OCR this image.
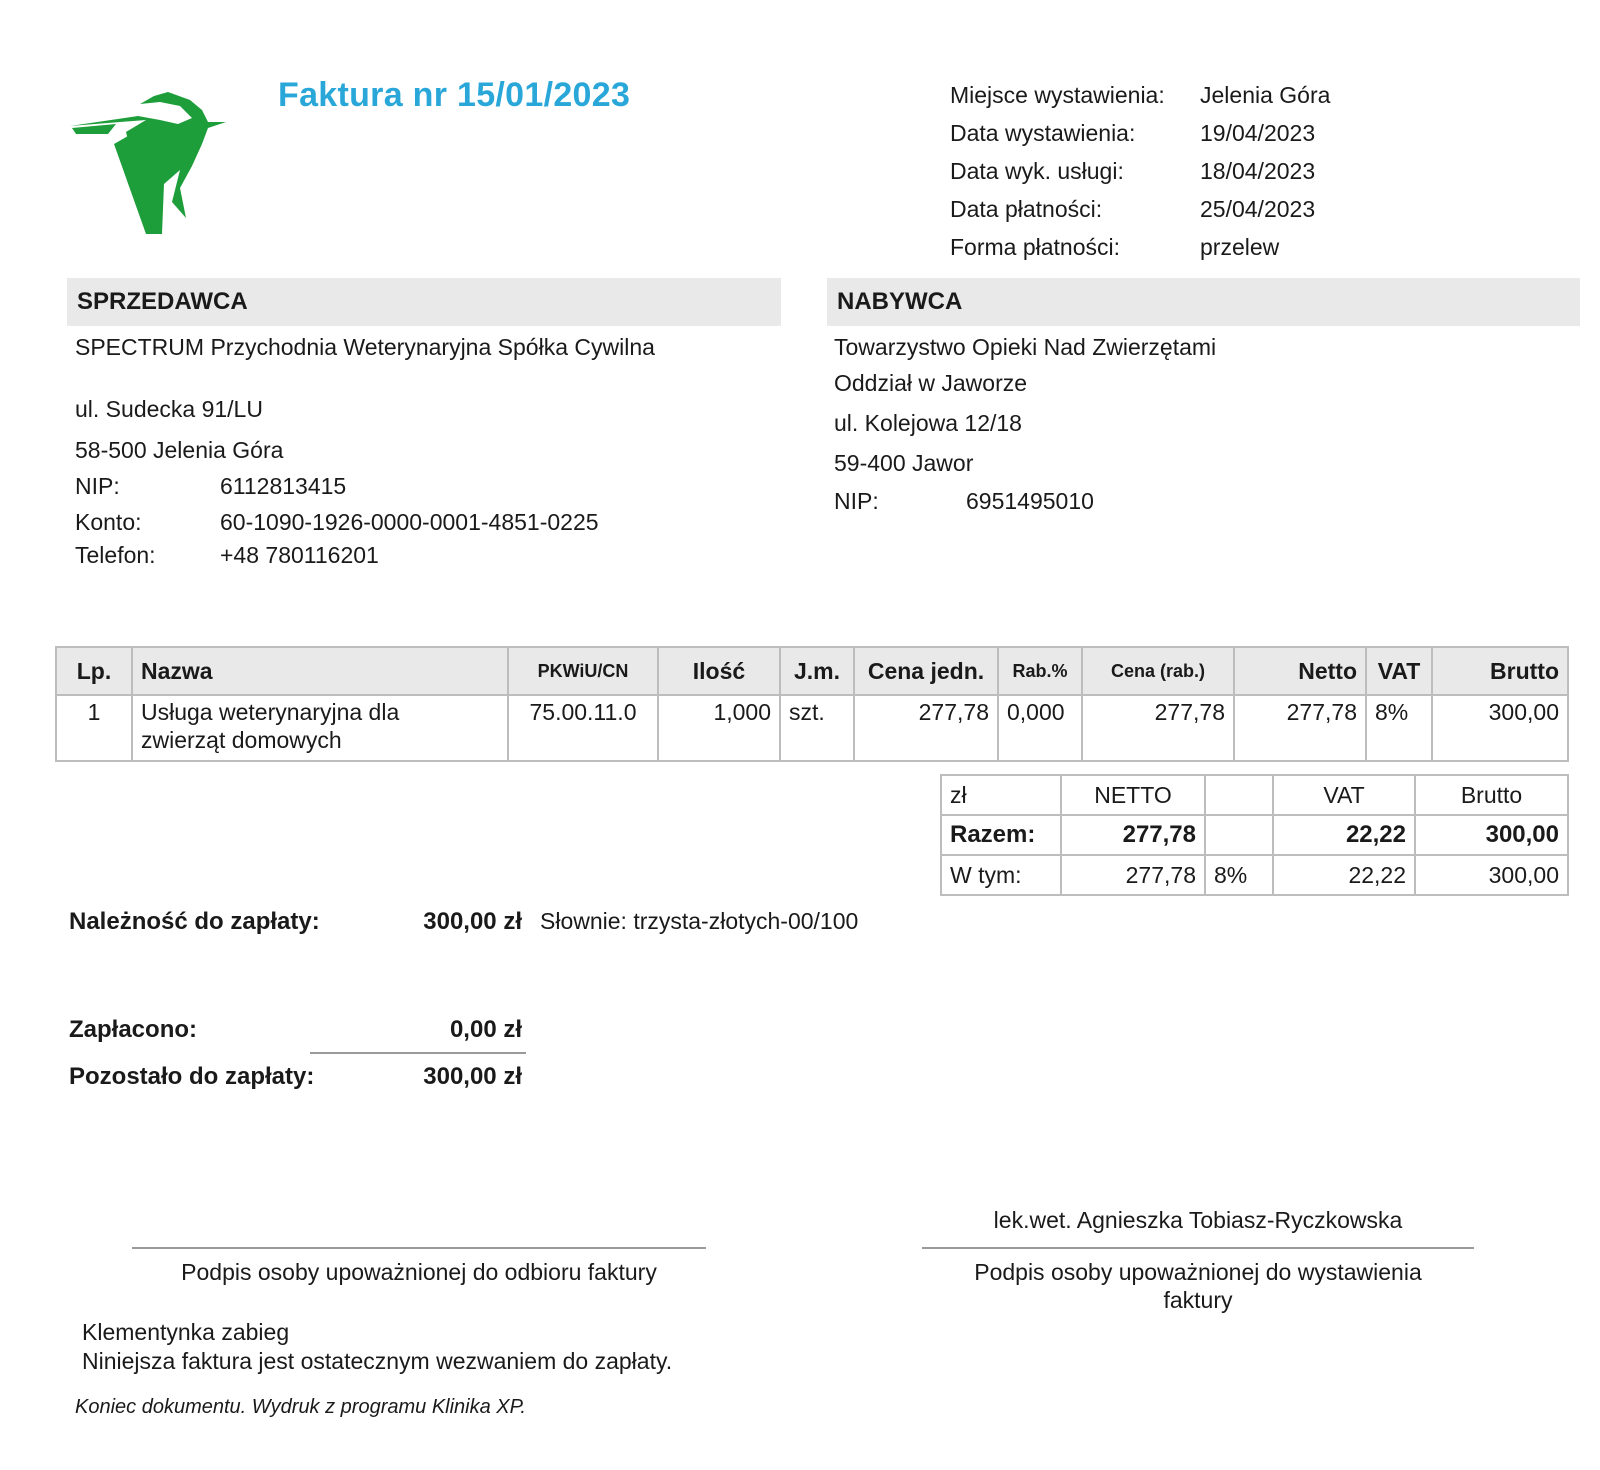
Faktura nr 15/01/2023	Miejsce wystawienia: Jelenia Góra
Data wystawienia:	19/04/2023
Data wyk. usługi:	18/04/2023
Data płatności:	25/04/2023
Forma płatności:	przelew
SPRZEDAWCA
SPECTRUM Przychodnia Weterynaryjna Spółka Cywilna
ul. Sudecka 91/LU
58-500 Jelenia Góra
NIP:	6112813415
Konto:	60-1090-1926-0000-0001-4851-0225
Telefon:	+48 780116201
NABYWCA
Towarzystwo Opieki Nad Zwierzętami
Oddział w Jaworze
ul. Kolejowa 12/18
59-400 Jawor
NIP:	6951495010
Lp.	Nazwa	PKWiU/CN	Ilość	J.m.	Cena jedn.	Rab.%	Cena (rab.)	Netto	VAT	Brutto
1	Usługa weterynaryjna dla
zwierząt domowych	75.00.11.0	1,000	szt.	277,78	0,000	277,78	277,78	8%	300,00
zł	NETTO		VAT	Brutto
Razem:	277,78		22,22	300,00
W tym:	277,78	8%	22,22	300,00
Należność do zapłaty:	300,00 zł Słownie: trzysta-złotych-00/100
Zapłacono:	0,00 zł
Pozostało do zapłaty:	300,00 zł
lek.wet. Agnieszka Tobiasz-Ryczkowska
Podpis osoby upoważnionej do odbioru faktury	Podpis osoby upoważnionej do wystawienia
faktury
Klementynka zabieg
Niniejsza faktura jest ostatecznym wezwaniem do zapłaty.
Koniec dokumentu. Wydruk z programu Klinika XP.
